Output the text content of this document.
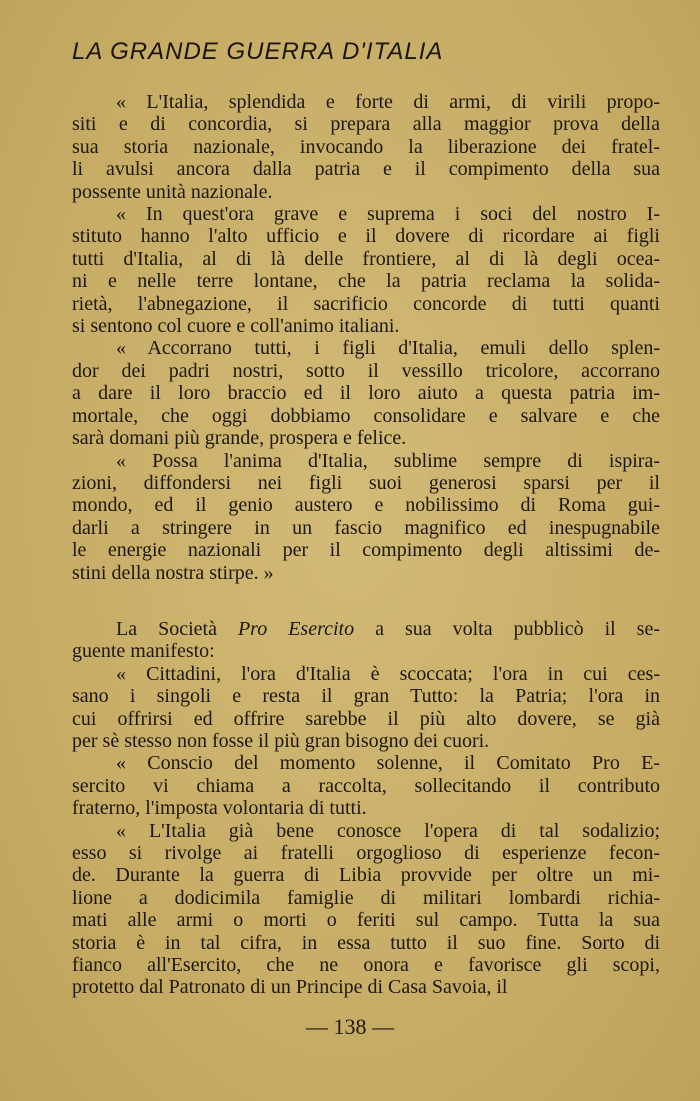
LA GRANDE GUERRA D'ITALIA
« L'Italia, splendida e forte di armi, di virili propo-
siti e di concordia, si prepara alla maggior prova della
sua storia nazionale, invocando la liberazione dei fratel-
li avulsi ancora dalla patria e il compimento della sua
possente unità nazionale.
« In quest'ora grave e suprema i soci del nostro I-
stituto hanno l'alto ufficio e il dovere di ricordare ai figli
tutti d'Italia, al di là delle frontiere, al di là degli ocea-
ni e nelle terre lontane, che la patria reclama la solida-
rietà, l'abnegazione, il sacrificio concorde di tutti quanti
si sentono col cuore e coll'animo italiani.
« Accorrano tutti, i figli d'Italia, emuli dello splen-
dor dei padri nostri, sotto il vessillo tricolore, accorrano
a dare il loro braccio ed il loro aiuto a questa patria im-
mortale, che oggi dobbiamo consolidare e salvare e che
sarà domani più grande, prospera e felice.
« Possa l'anima d'Italia, sublime sempre di ispira-
zioni, diffondersi nei figli suoi generosi sparsi per il
mondo, ed il genio austero e nobilissimo di Roma gui-
darli a stringere in un fascio magnifico ed inespugnabile
le energie nazionali per il compimento degli altissimi de-
stini della nostra stirpe. »
La Società Pro Esercito a sua volta pubblicò il se-
guente manifesto:
« Cittadini, l'ora d'Italia è scoccata; l'ora in cui ces-
sano i singoli e resta il gran Tutto: la Patria; l'ora in
cui offrirsi ed offrire sarebbe il più alto dovere, se già
per sè stesso non fosse il più gran bisogno dei cuori.
« Conscio del momento solenne, il Comitato Pro E-
sercito vi chiama a raccolta, sollecitando il contributo
fraterno, l'imposta volontaria di tutti.
« L'Italia già bene conosce l'opera di tal sodalizio;
esso si rivolge ai fratelli orgoglioso di esperienze fecon-
de. Durante la guerra di Libia provvide per oltre un mi-
lione a dodicimila famiglie di militari lombardi richia-
mati alle armi o morti o feriti sul campo. Tutta la sua
storia è in tal cifra, in essa tutto il suo fine. Sorto di
fianco all'Esercito, che ne onora e favorisce gli scopi,
protetto dal Patronato di un Principe di Casa Savoia, il
— 138 —
